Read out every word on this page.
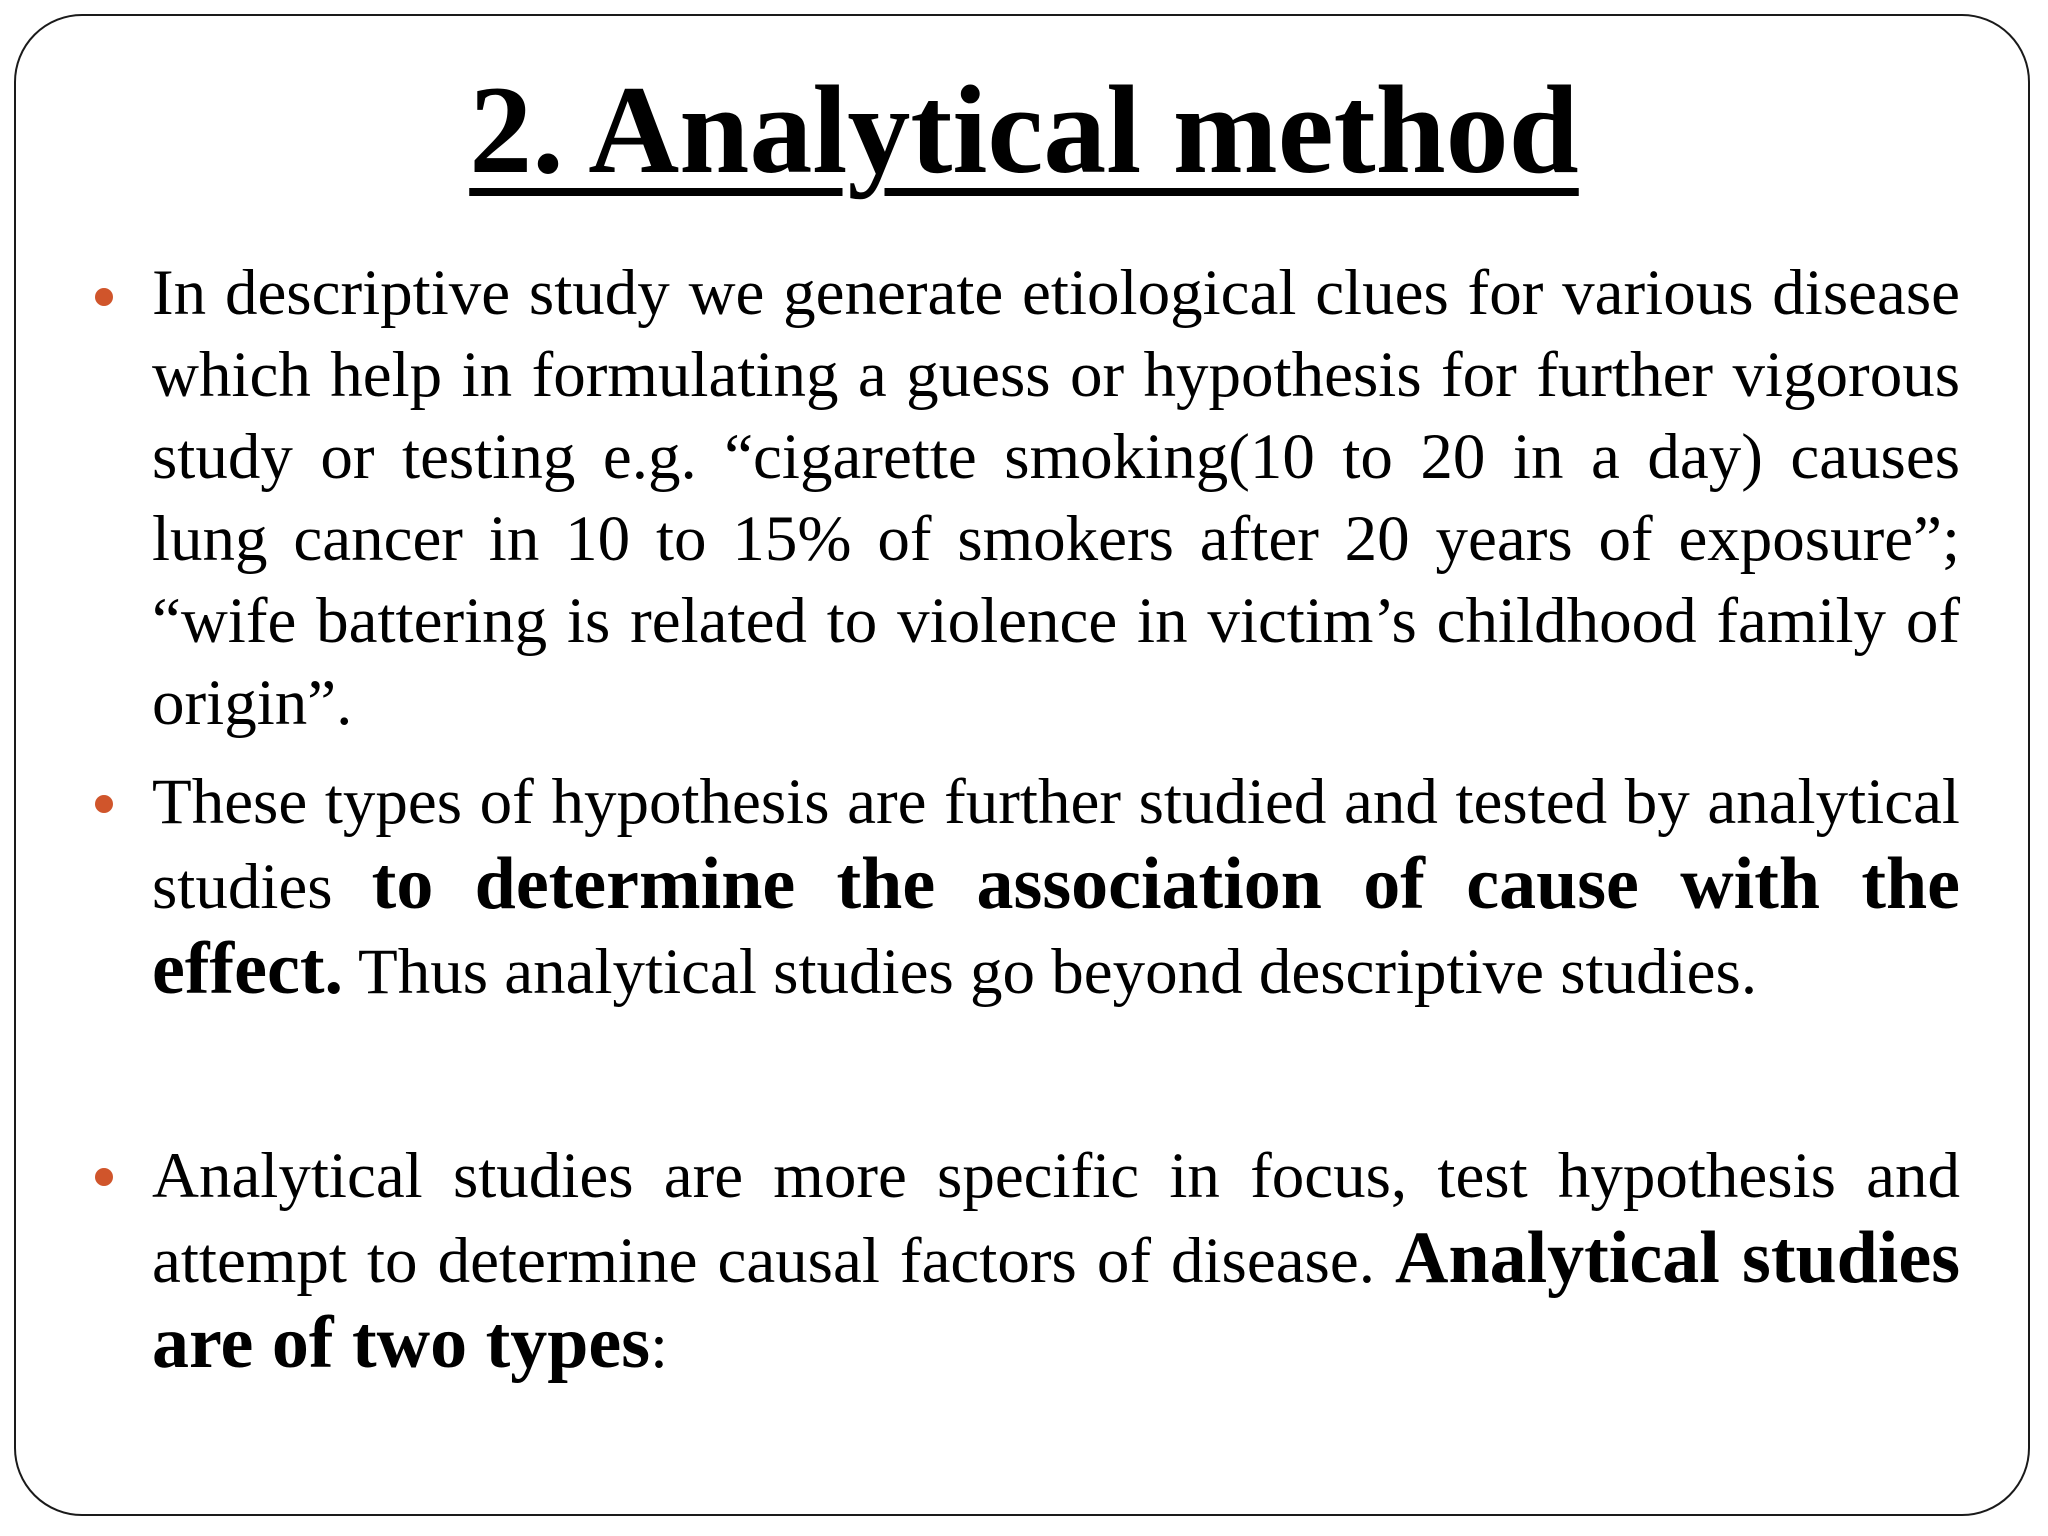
2. Analytical method
In descriptive study we generate etiological clues for various disease which help in formulating a guess or hypothesis for further vigorous study or testing e.g. “cigarette smoking(10 to 20 in a day) causes lung cancer in 10 to 15% of smokers after 20 years of exposure”; “wife battering is related to violence in victim’s childhood family of origin”.
These types of hypothesis are further studied and tested by analytical studies to determine the association of cause with the effect. Thus analytical studies go beyond descriptive studies.
Analytical studies are more specific in focus, test hypothesis and attempt to determine causal factors of disease. Analytical studies are of two types:
